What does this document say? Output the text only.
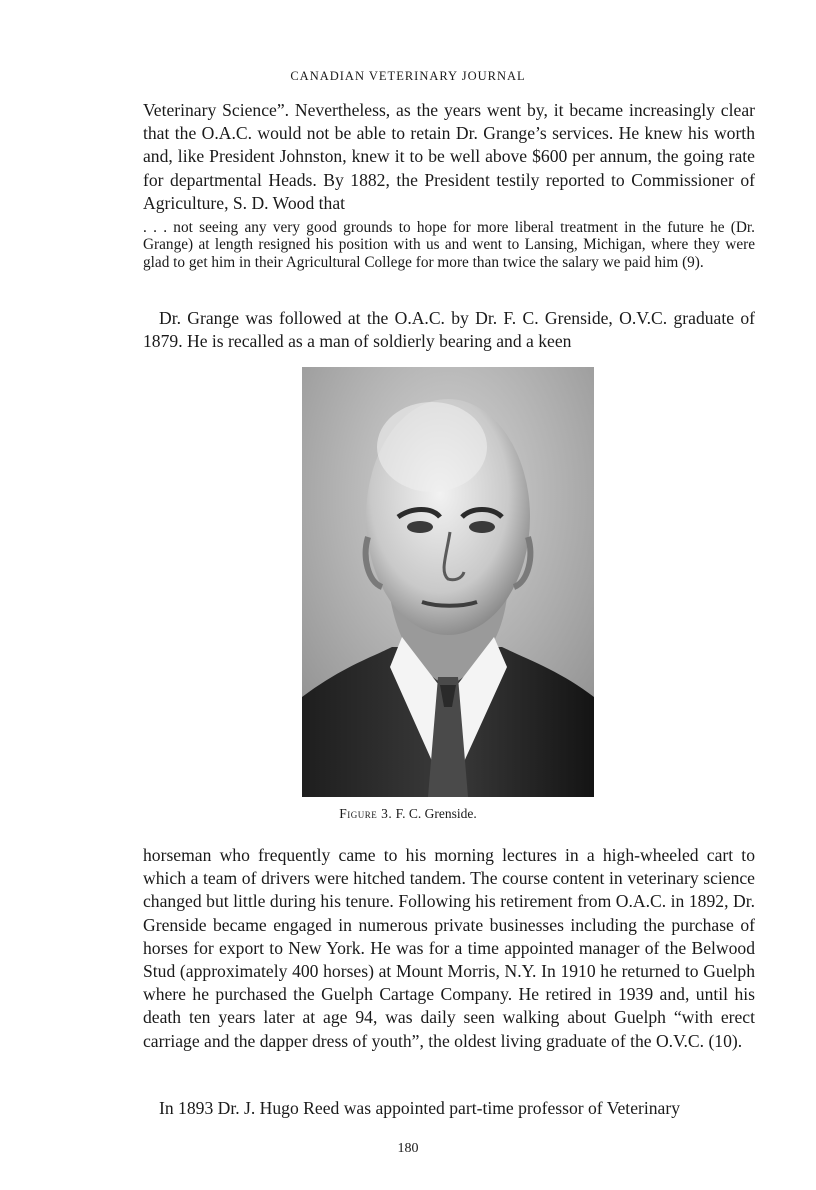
CANADIAN VETERINARY JOURNAL

Veterinary Science”. Nevertheless, as the years went by, it became increasingly clear that the O.A.C. would not be able to retain Dr. Grange’s services. He knew his worth and, like President Johnston, knew it to be well above $600 per annum, the going rate for departmental Heads. By 1882, the President testily reported to Commissioner of Agriculture, S. D. Wood that

. . . not seeing any very good grounds to hope for more liberal treatment in the future he (Dr. Grange) at length resigned his position with us and went to Lansing, Michigan, where they were glad to get him in their Agricultural College for more than twice the salary we paid him (9).

Dr. Grange was followed at the O.A.C. by Dr. F. C. Grenside, O.V.C. graduate of 1879. He is recalled as a man of soldierly bearing and a keen

Figure 3. F. C. Grenside.

horseman who frequently came to his morning lectures in a high-wheeled cart to which a team of drivers were hitched tandem. The course content in veterinary science changed but little during his tenure. Following his retirement from O.A.C. in 1892, Dr. Grenside became engaged in numerous private businesses including the purchase of horses for export to New York. He was for a time appointed manager of the Belwood Stud (approximately 400 horses) at Mount Morris, N.Y. In 1910 he returned to Guelph where he purchased the Guelph Cartage Company. He retired in 1939 and, until his death ten years later at age 94, was daily seen walking about Guelph “with erect carriage and the dapper dress of youth”, the oldest living graduate of the O.V.C. (10).

In 1893 Dr. J. Hugo Reed was appointed part-time professor of Veterinary

180
